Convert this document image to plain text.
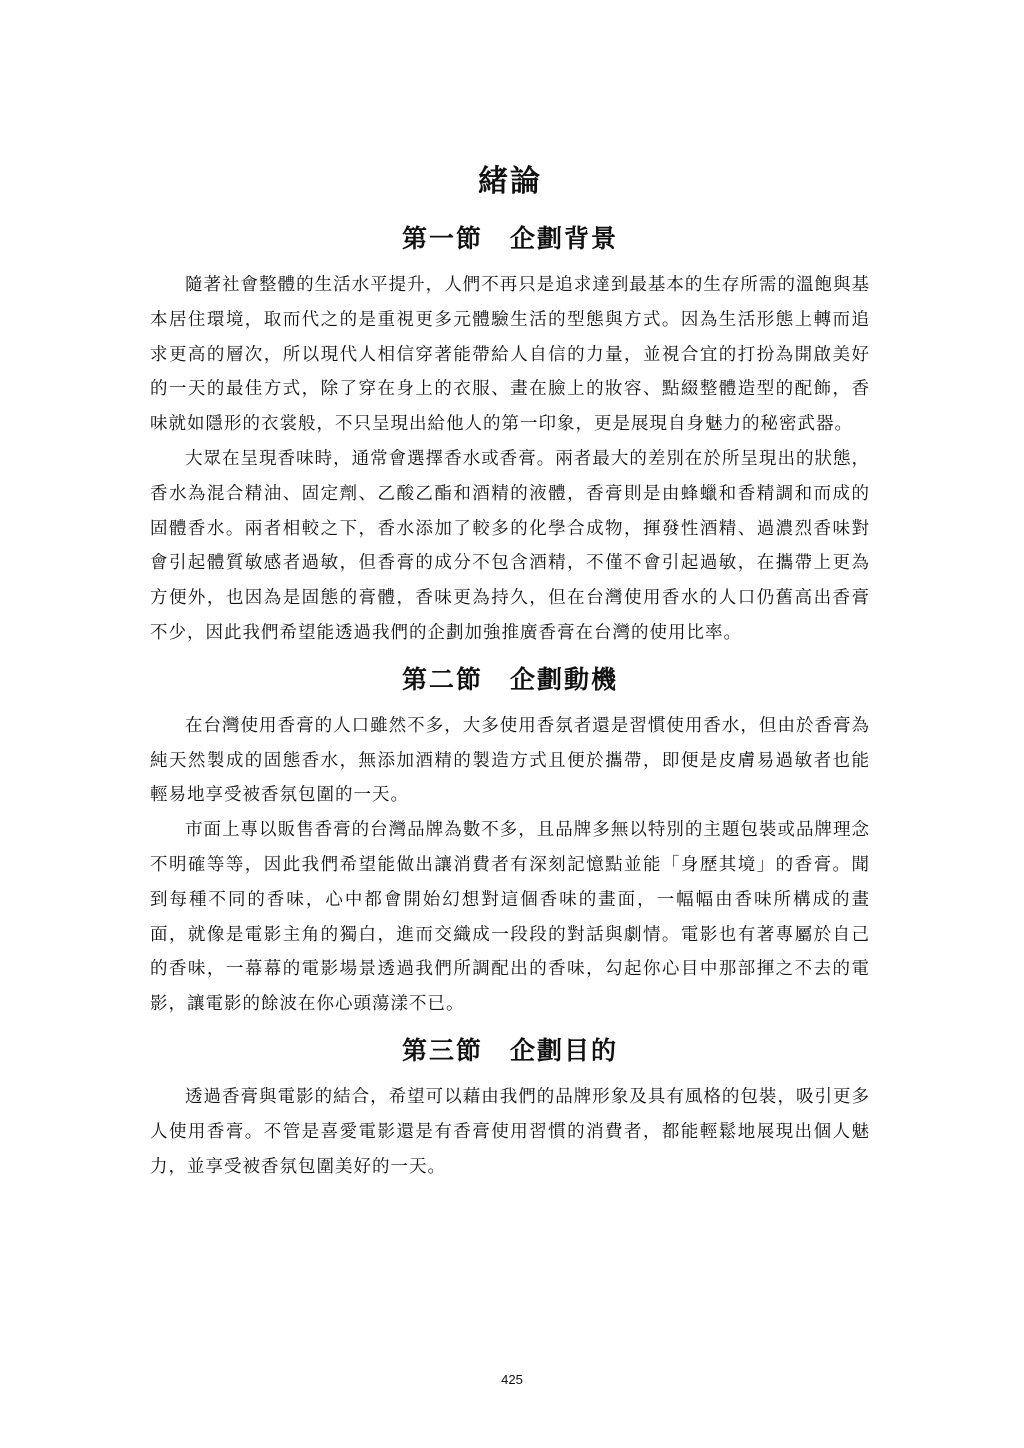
緒論
第一節　企劃背景

隨著社會整體的生活水平提升，人們不再只是追求達到最基本的生存所需的溫飽與基本居住環境，取而代之的是重視更多元體驗生活的型態與方式。因為生活形態上轉而追求更高的層次，所以現代人相信穿著能帶給人自信的力量，並視合宜的打扮為開啟美好的一天的最佳方式，除了穿在身上的衣服、畫在臉上的妝容、點綴整體造型的配飾，香味就如隱形的衣裳般，不只呈現出給他人的第一印象，更是展現自身魅力的秘密武器。

大眾在呈現香味時，通常會選擇香水或香膏。兩者最大的差別在於所呈現出的狀態，香水為混合精油、固定劑、乙酸乙酯和酒精的液體，香膏則是由蜂蠟和香精調和而成的固體香水。兩者相較之下，香水添加了較多的化學合成物，揮發性酒精、過濃烈香味對會引起體質敏感者過敏，但香膏的成分不包含酒精，不僅不會引起過敏，在攜帶上更為方便外，也因為是固態的膏體，香味更為持久，但在台灣使用香水的人口仍舊高出香膏不少，因此我們希望能透過我們的企劃加強推廣香膏在台灣的使用比率。

第二節　企劃動機

在台灣使用香膏的人口雖然不多，大多使用香氛者還是習慣使用香水，但由於香膏為純天然製成的固態香水，無添加酒精的製造方式且便於攜帶，即便是皮膚易過敏者也能輕易地享受被香氛包圍的一天。

市面上專以販售香膏的台灣品牌為數不多，且品牌多無以特別的主題包裝或品牌理念不明確等等，因此我們希望能做出讓消費者有深刻記憶點並能「身歷其境」的香膏。聞到每種不同的香味，心中都會開始幻想對這個香味的畫面，一幅幅由香味所構成的畫面，就像是電影主角的獨白，進而交織成一段段的對話與劇情。電影也有著專屬於自己的香味，一幕幕的電影場景透過我們所調配出的香味，勾起你心目中那部揮之不去的電影，讓電影的餘波在你心頭蕩漾不已。

第三節　企劃目的

透過香膏與電影的結合，希望可以藉由我們的品牌形象及具有風格的包裝，吸引更多人使用香膏。不管是喜愛電影還是有香膏使用習慣的消費者，都能輕鬆地展現出個人魅力，並享受被香氛包圍美好的一天。

425
